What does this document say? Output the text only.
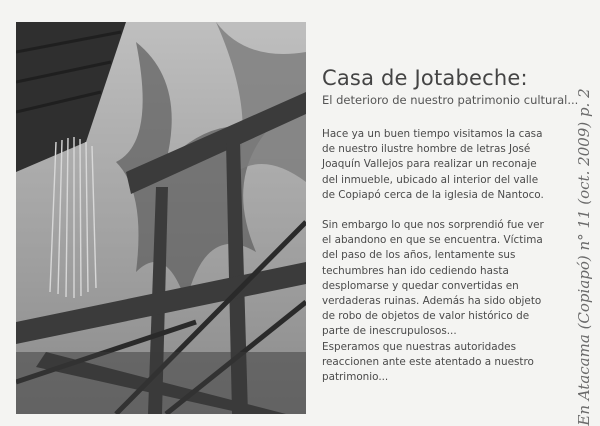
Casa de Jotabeche:
El deterioro de nuestro patrimonio cultural...

Hace ya un buen tiempo visitamos la casa de nuestro ilustre hombre de letras José Joaquín Vallejos para realizar un reconaje del inmueble, ubicado al interior del valle de Copiapó cerca de la iglesia de Nantoco.

Sin embargo lo que nos sorprendió fue ver el abandono en que se encuentra. Víctima del paso de los años, lentamente sus techumbres han ido cediendo hasta desplomarse y quedar convertidas en verdaderas ruinas. Además ha sido objeto de robo de objetos de valor histórico de parte de inescrupulosos...

Esperamos que nuestras autoridades reaccionen ante este atentado a nuestro patrimonio...	En Atacama (Copiapó) n° 11 (oct. 2009) p. 2
